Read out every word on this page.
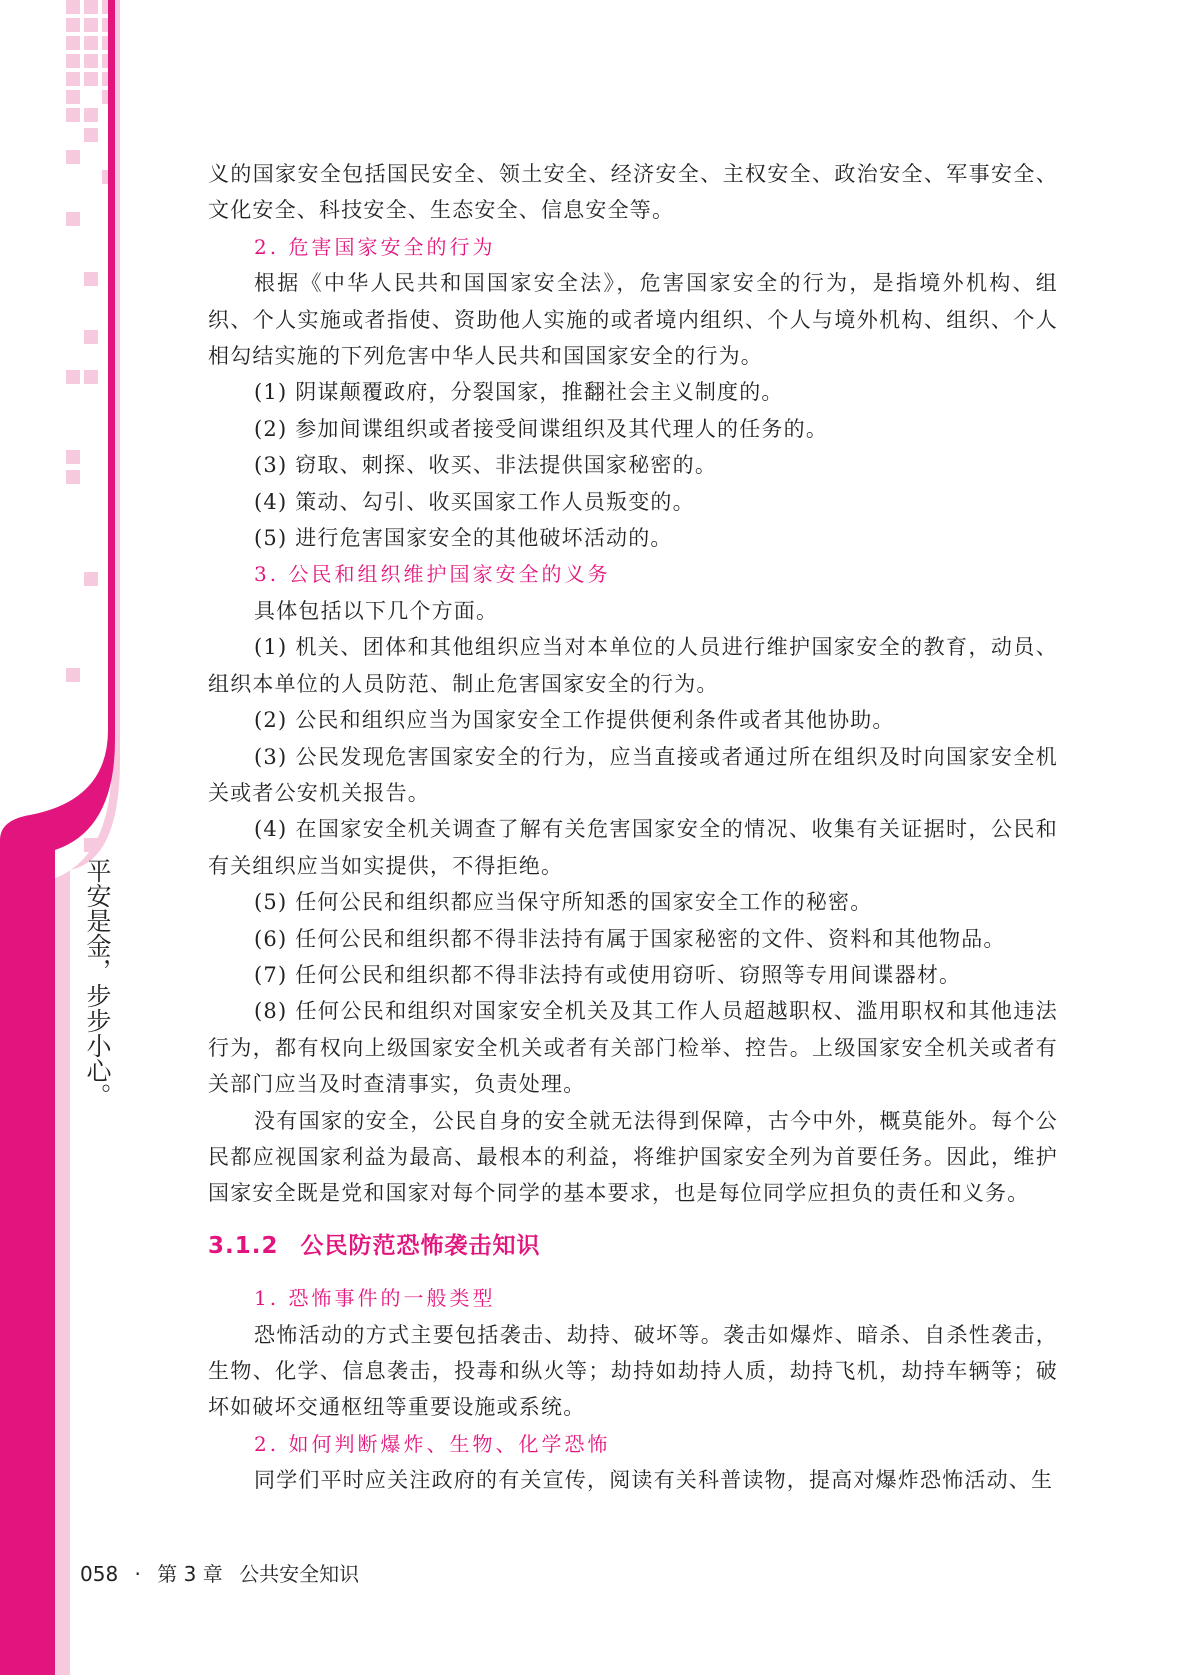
平安是金，步步小心。

义的国家安全包括国民安全、领土安全、经济安全、主权安全、政治安全、军事安全、文化安全、科技安全、生态安全、信息安全等。

2. 危害国家安全的行为

根据《中华人民共和国国家安全法》，危害国家安全的行为，是指境外机构、组织、个人实施或者指使、资助他人实施的或者境内组织、个人与境外机构、组织、个人相勾结实施的下列危害中华人民共和国国家安全的行为。

(1) 阴谋颠覆政府，分裂国家，推翻社会主义制度的。

(2) 参加间谍组织或者接受间谍组织及其代理人的任务的。

(3) 窃取、刺探、收买、非法提供国家秘密的。

(4) 策动、勾引、收买国家工作人员叛变的。

(5) 进行危害国家安全的其他破坏活动的。

3. 公民和组织维护国家安全的义务

具体包括以下几个方面。

(1) 机关、团体和其他组织应当对本单位的人员进行维护国家安全的教育，动员、组织本单位的人员防范、制止危害国家安全的行为。

(2) 公民和组织应当为国家安全工作提供便利条件或者其他协助。

(3) 公民发现危害国家安全的行为，应当直接或者通过所在组织及时向国家安全机关或者公安机关报告。

(4) 在国家安全机关调查了解有关危害国家安全的情况、收集有关证据时，公民和有关组织应当如实提供，不得拒绝。

(5) 任何公民和组织都应当保守所知悉的国家安全工作的秘密。

(6) 任何公民和组织都不得非法持有属于国家秘密的文件、资料和其他物品。

(7) 任何公民和组织都不得非法持有或使用窃听、窃照等专用间谍器材。

(8) 任何公民和组织对国家安全机关及其工作人员超越职权、滥用职权和其他违法行为，都有权向上级国家安全机关或者有关部门检举、控告。上级国家安全机关或者有关部门应当及时查清事实，负责处理。

没有国家的安全，公民自身的安全就无法得到保障，古今中外，概莫能外。每个公民都应视国家利益为最高、最根本的利益，将维护国家安全列为首要任务。因此，维护国家安全既是党和国家对每个同学的基本要求，也是每位同学应担负的责任和义务。

3.1.2 公民防范恐怖袭击知识

1. 恐怖事件的一般类型

恐怖活动的方式主要包括袭击、劫持、破坏等。袭击如爆炸、暗杀、自杀性袭击，生物、化学、信息袭击，投毒和纵火等；劫持如劫持人质，劫持飞机，劫持车辆等；破坏如破坏交通枢纽等重要设施或系统。

2. 如何判断爆炸、生物、化学恐怖

同学们平时应关注政府的有关宣传，阅读有关科普读物，提高对爆炸恐怖活动、生

058 · 第 3 章 公共安全知识
